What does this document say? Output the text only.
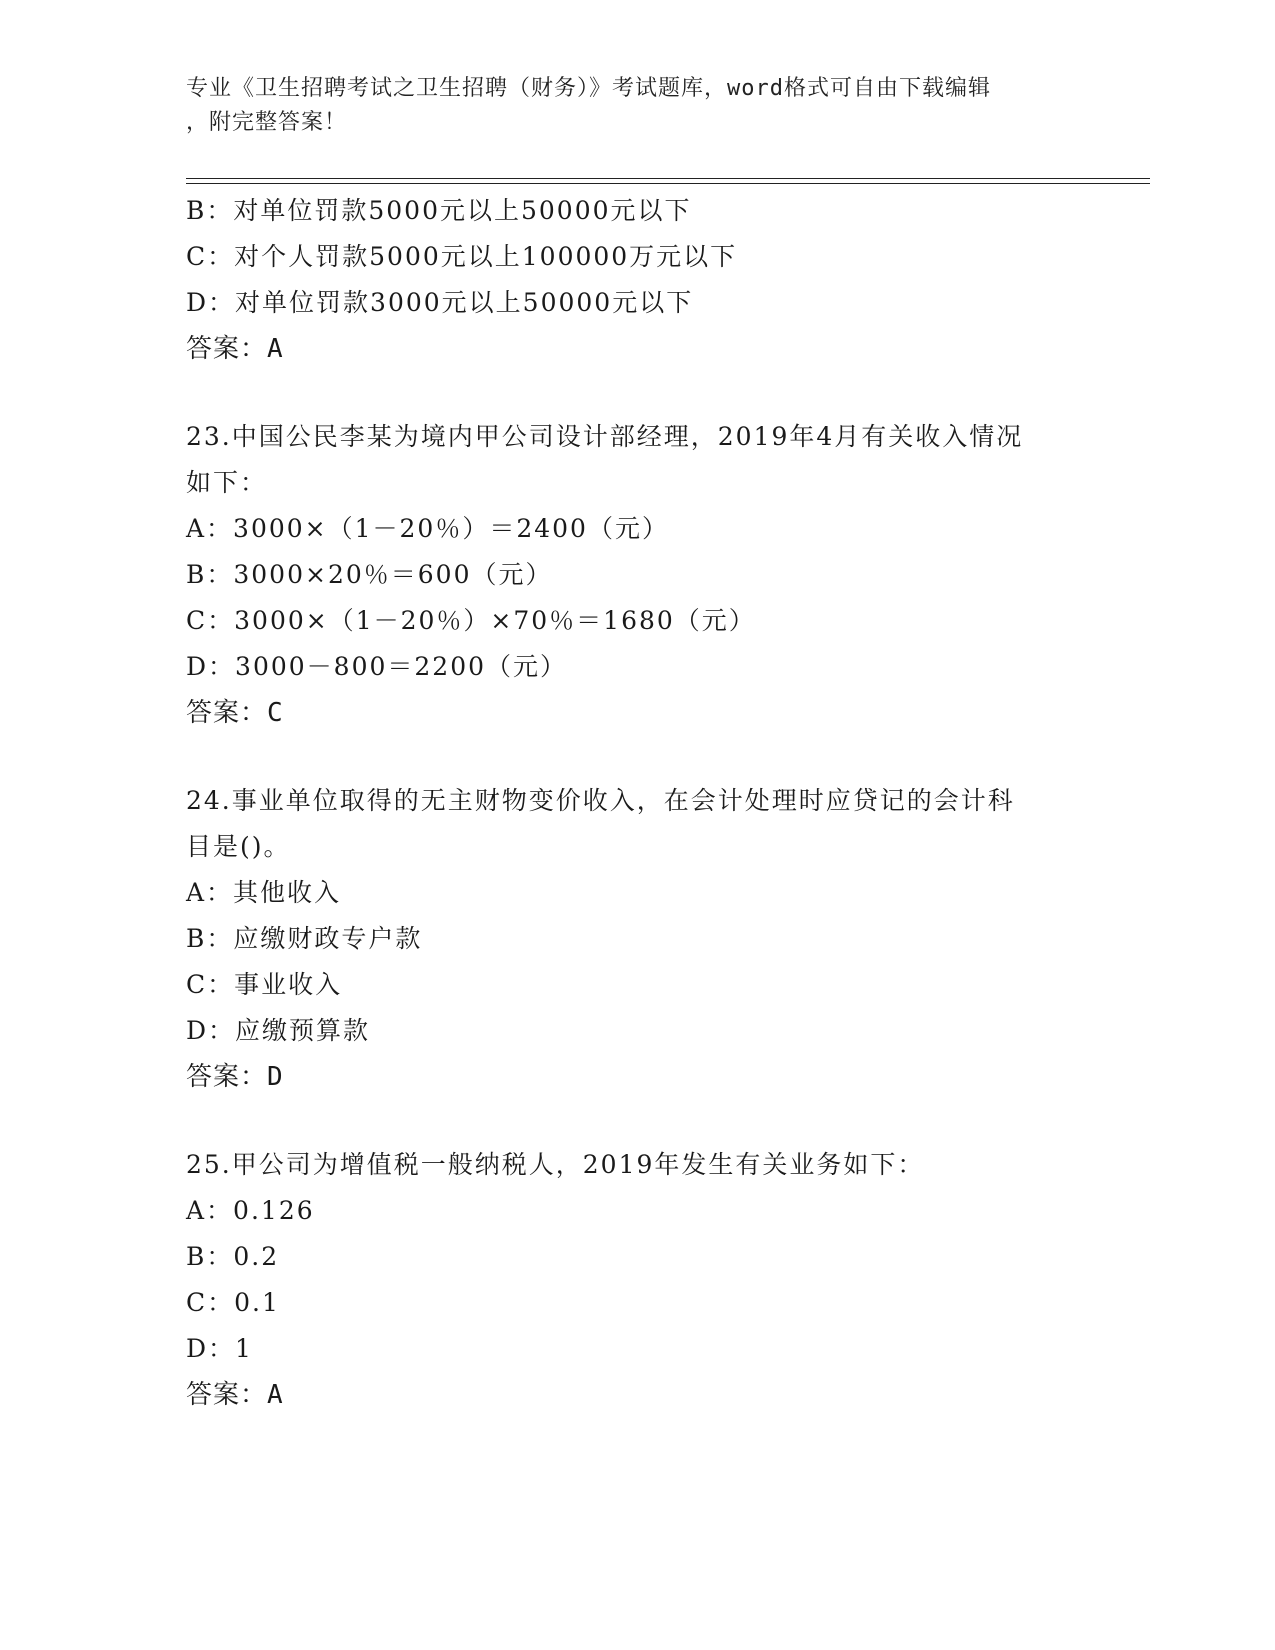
专业《卫生招聘考试之卫生招聘（财务）》考试题库，word格式可自由下载编辑
，附完整答案！
B：对单位罚款5000元以上50000元以下
C：对个人罚款5000元以上100000万元以下
D：对单位罚款3000元以上50000元以下
答案：A
23.中国公民李某为境内甲公司设计部经理，2019年4月有关收入情况
如下：
A：3000×（1－20％）＝2400（元）
B：3000×20％＝600（元）
C：3000×（1－20％）×70％＝1680（元）
D：3000－800＝2200（元）
答案：C
24.事业单位取得的无主财物变价收入，在会计处理时应贷记的会计科
目是()。
A：其他收入
B：应缴财政专户款
C：事业收入
D：应缴预算款
答案：D
25.甲公司为增值税一般纳税人，2019年发生有关业务如下：
A：0.126
B：0.2
C：0.1
D：1
答案：A
